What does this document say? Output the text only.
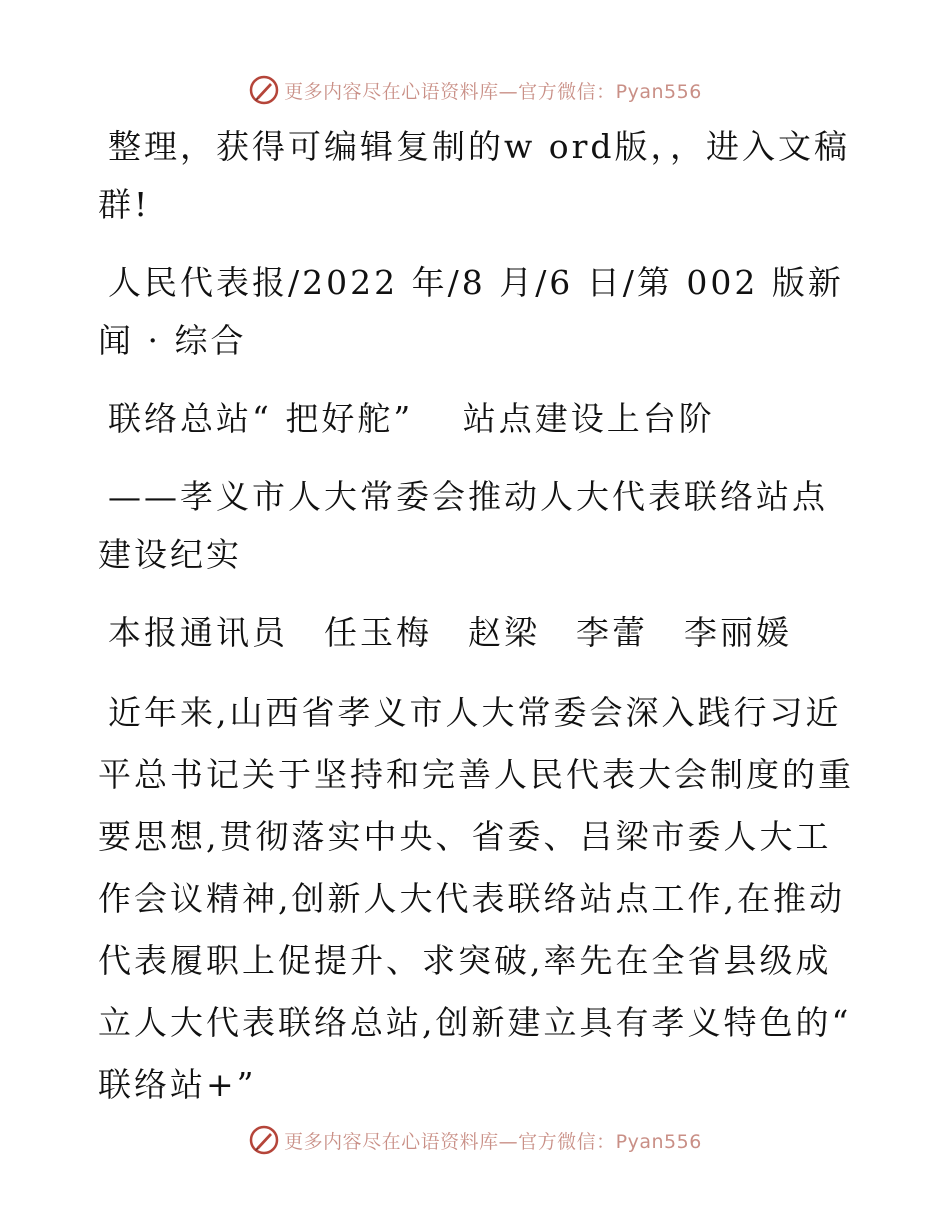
更多内容尽在心语资料库—官方微信：Pyan556

整理，获得可编辑复制的w ord版，，进入文稿群!

人民代表报/2022 年/8 月/6 日/第 002 版新闻 · 综合

联络总站“ 把好舵”　 站点建设上台阶

——孝义市人大常委会推动人大代表联络站点建设纪实

本报通讯员　任玉梅　赵梁　李蕾　李丽媛

近年来,山西省孝义市人大常委会深入践行习近平总书记关于坚持和完善人民代表大会制度的重要思想,贯彻落实中央、省委、吕梁市委人大工作会议精神,创新人大代表联络站点工作,在推动代表履职上促提升、求突破,率先在全省县级成立人大代表联络总站,创新建立具有孝义特色的“ 联络站+”

更多内容尽在心语资料库—官方微信：Pyan556
